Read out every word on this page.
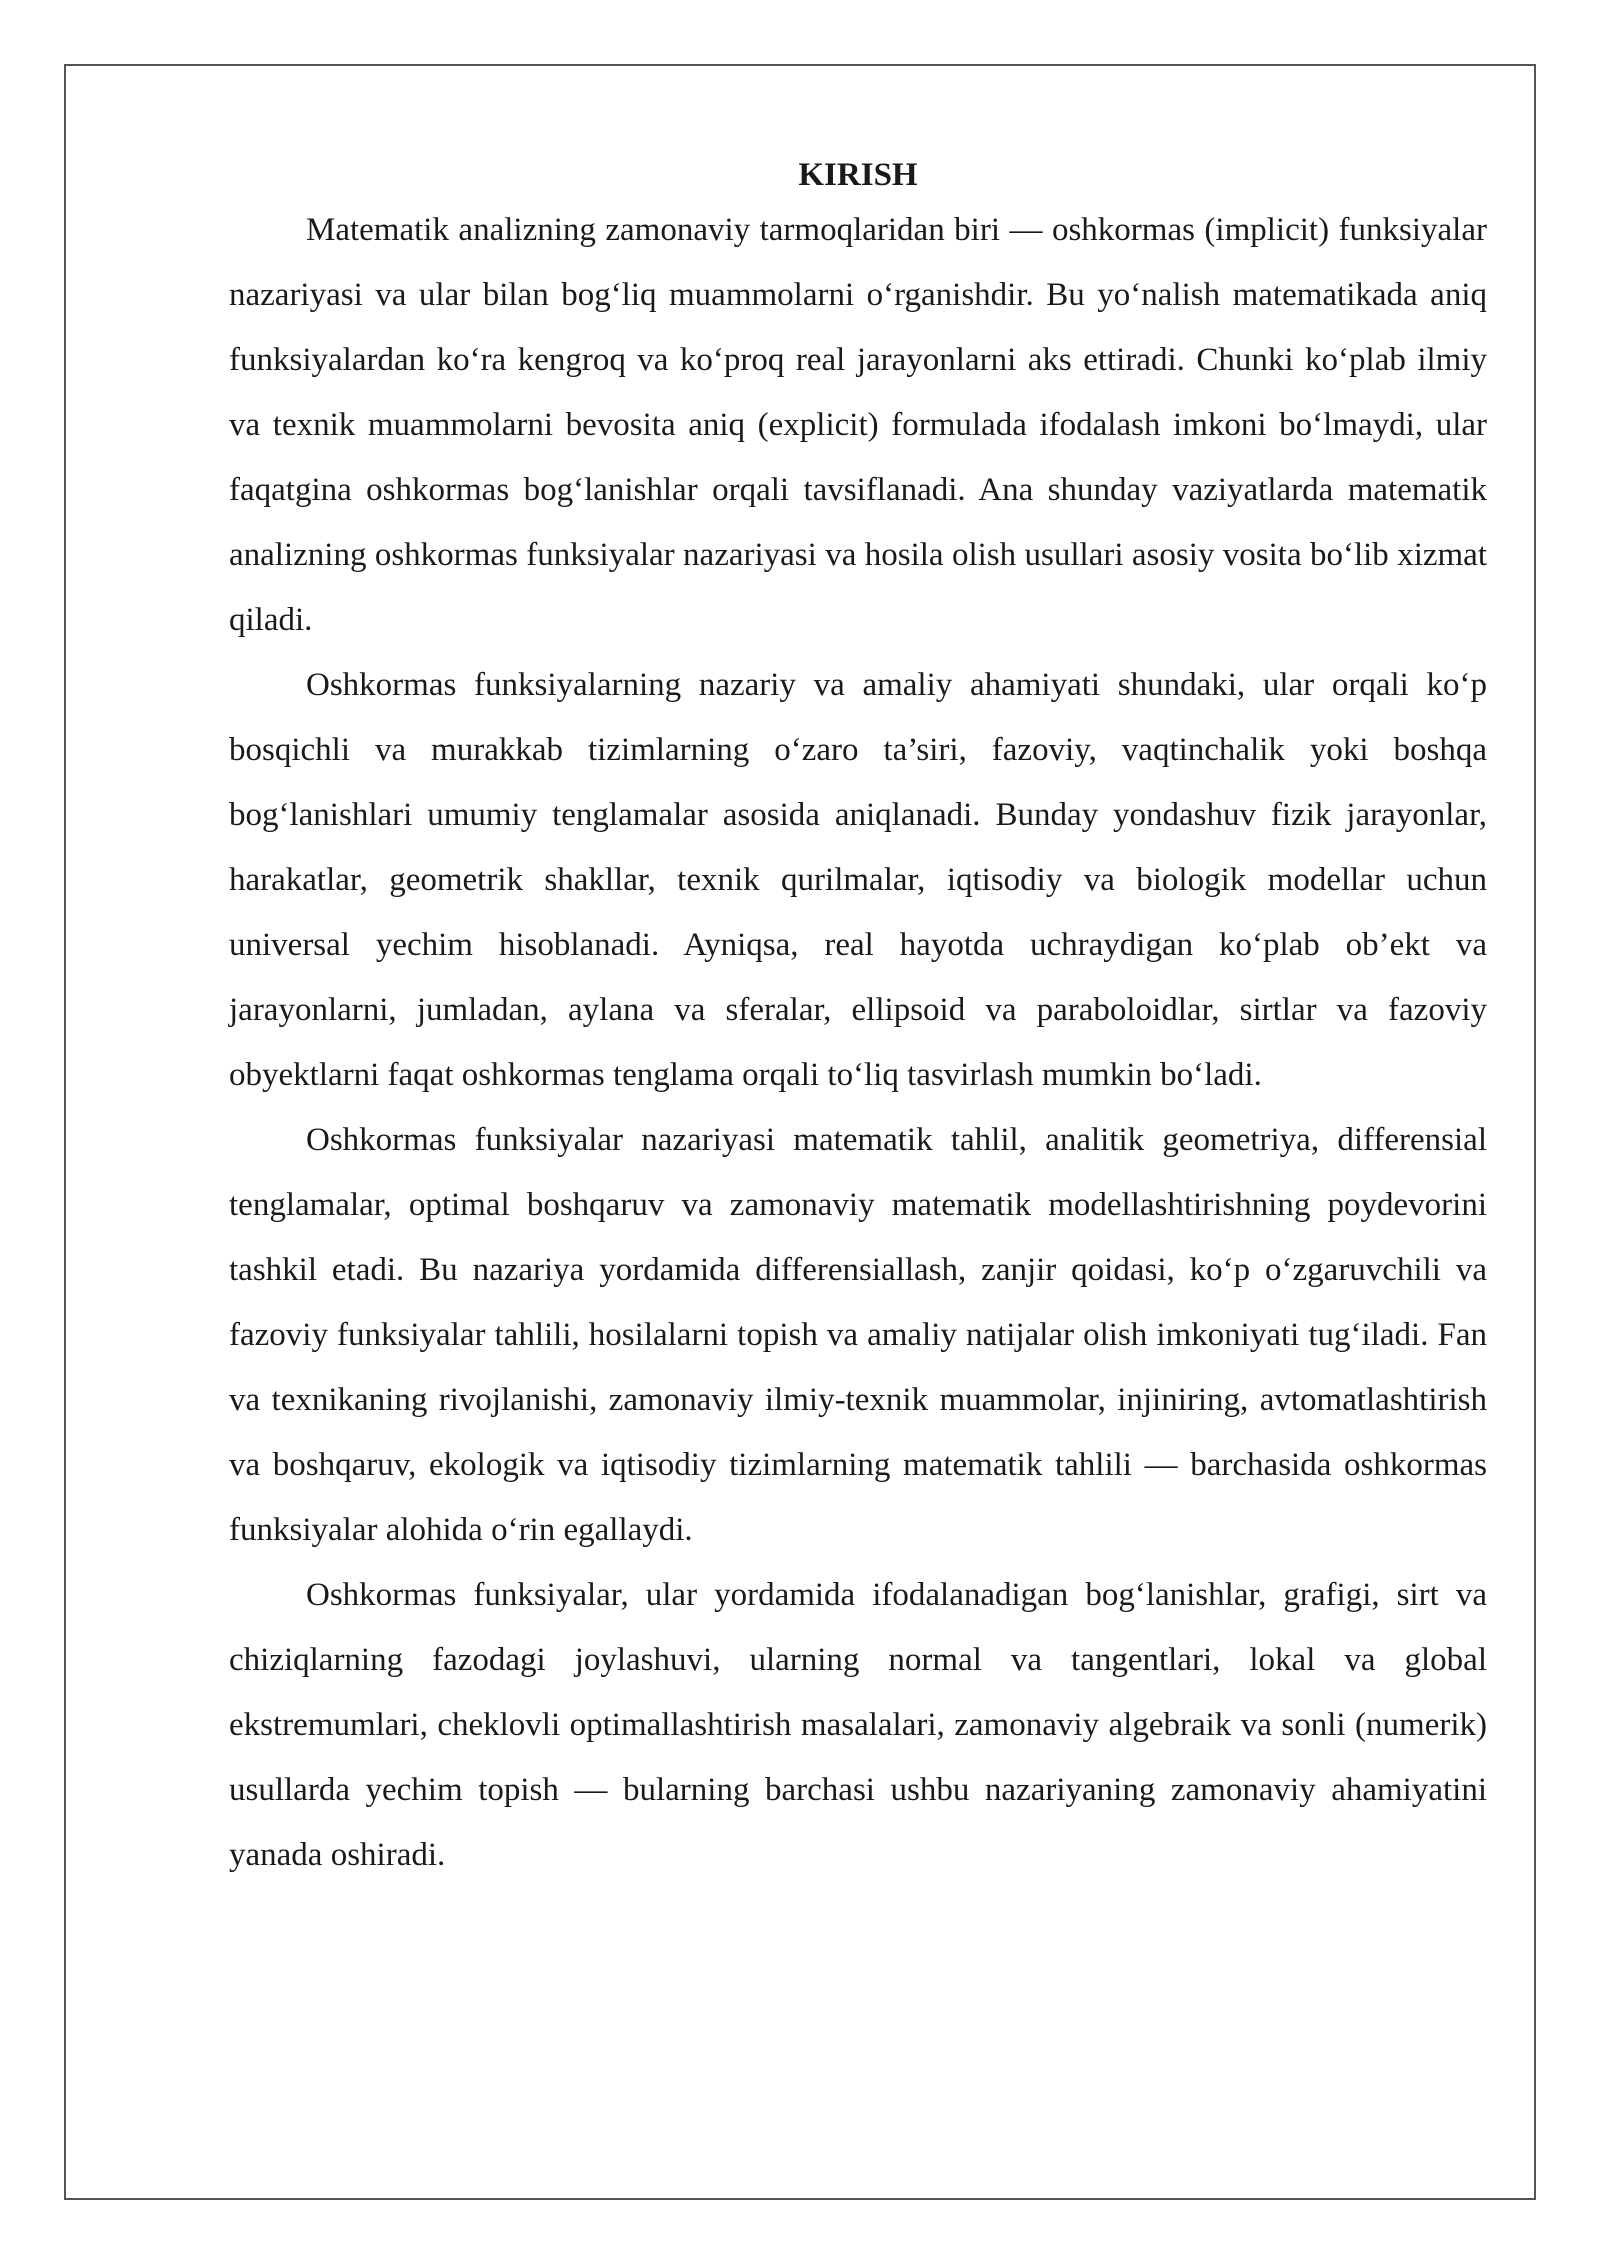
KIRISH

Matematik analizning zamonaviy tarmoqlaridan biri — oshkormas (implicit) funksiyalar nazariyasi va ular bilan bog‘liq muammolarni o‘rganishdir. Bu yo‘nalish matematikada aniq funksiyalardan ko‘ra kengroq va ko‘proq real jarayonlarni aks ettiradi. Chunki ko‘plab ilmiy va texnik muammolarni bevosita aniq (explicit) formulada ifodalash imkoni bo‘lmaydi, ular faqatgina oshkormas bog‘lanishlar orqali tavsiflanadi. Ana shunday vaziyatlarda matematik analizning oshkormas funksiyalar nazariyasi va hosila olish usullari asosiy vosita bo‘lib xizmat qiladi.

Oshkormas funksiyalarning nazariy va amaliy ahamiyati shundaki, ular orqali ko‘p bosqichli va murakkab tizimlarning o‘zaro ta’siri, fazoviy, vaqtinchalik yoki boshqa bog‘lanishlari umumiy tenglamalar asosida aniqlanadi. Bunday yondashuv fizik jarayonlar, harakatlar, geometrik shakllar, texnik qurilmalar, iqtisodiy va biologik modellar uchun universal yechim hisoblanadi. Ayniqsa, real hayotda uchraydigan ko‘plab ob’ekt va jarayonlarni, jumladan, aylana va sferalar, ellipsoid va paraboloidlar, sirtlar va fazoviy obyektlarni faqat oshkormas tenglama orqali to‘liq tasvirlash mumkin bo‘ladi.

Oshkormas funksiyalar nazariyasi matematik tahlil, analitik geometriya, differensial tenglamalar, optimal boshqaruv va zamonaviy matematik modellashtirishning poydevorini tashkil etadi. Bu nazariya yordamida differensiallash, zanjir qoidasi, ko‘p o‘zgaruvchili va fazoviy funksiyalar tahlili, hosilalarni topish va amaliy natijalar olish imkoniyati tug‘iladi. Fan va texnikaning rivojlanishi, zamonaviy ilmiy-texnik muammolar, injiniring, avtomatlashtirish va boshqaruv, ekologik va iqtisodiy tizimlarning matematik tahlili — barchasida oshkormas funksiyalar alohida o‘rin egallaydi.

Oshkormas funksiyalar, ular yordamida ifodalanadigan bog‘lanishlar, grafigi, sirt va chiziqlarning fazodagi joylashuvi, ularning normal va tangentlari, lokal va global ekstremumlari, cheklovli optimallashtirish masalalari, zamonaviy algebraik va sonli (numerik) usullarda yechim topish — bularning barchasi ushbu nazariyaning zamonaviy ahamiyatini yanada oshiradi.
